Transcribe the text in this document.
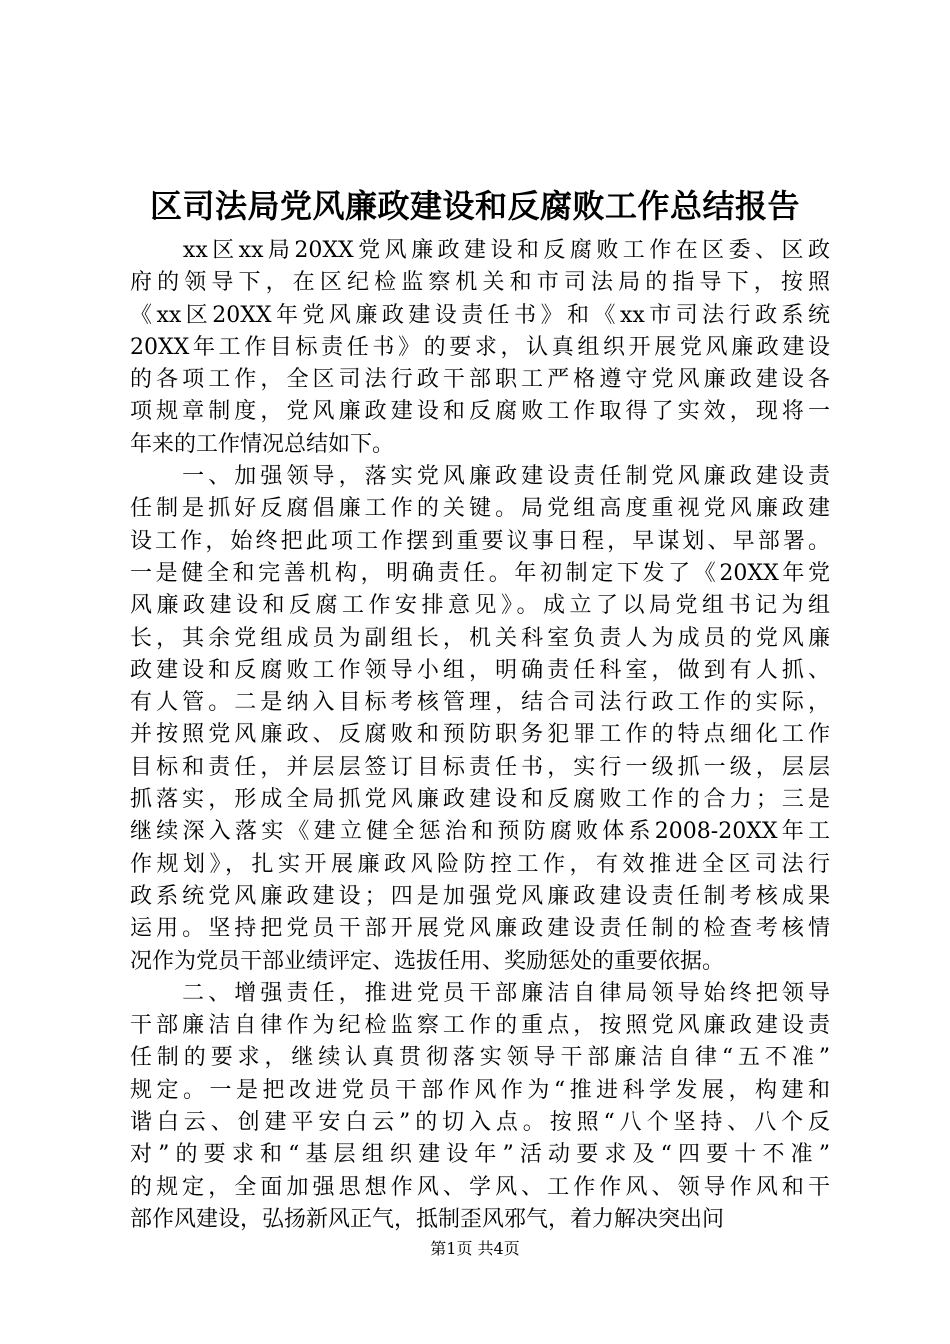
区司法局党风廉政建设和反腐败工作总结报告
　　xx区xx局20XX党风廉政建设和反腐败工作在区委、区政
府的领导下，在区纪检监察机关和市司法局的指导下，按照
《xx区20XX年党风廉政建设责任书》和《xx市司法行政系统
20XX年工作目标责任书》的要求，认真组织开展党风廉政建设
的各项工作，全区司法行政干部职工严格遵守党风廉政建设各
项规章制度，党风廉政建设和反腐败工作取得了实效，现将一
年来的工作情况总结如下。
　　一、加强领导，落实党风廉政建设责任制党风廉政建设责
任制是抓好反腐倡廉工作的关键。局党组高度重视党风廉政建
设工作，始终把此项工作摆到重要议事日程，早谋划、早部署。
一是健全和完善机构，明确责任。年初制定下发了《20XX年党
风廉政建设和反腐工作安排意见》。成立了以局党组书记为组
长，其余党组成员为副组长，机关科室负责人为成员的党风廉
政建设和反腐败工作领导小组，明确责任科室，做到有人抓、
有人管。二是纳入目标考核管理，结合司法行政工作的实际，
并按照党风廉政、反腐败和预防职务犯罪工作的特点细化工作
目标和责任，并层层签订目标责任书，实行一级抓一级，层层
抓落实，形成全局抓党风廉政建设和反腐败工作的合力；三是
继续深入落实《建立健全惩治和预防腐败体系2008-20XX年工
作规划》，扎实开展廉政风险防控工作，有效推进全区司法行
政系统党风廉政建设；四是加强党风廉政建设责任制考核成果
运用。坚持把党员干部开展党风廉政建设责任制的检查考核情
况作为党员干部业绩评定、选拔任用、奖励惩处的重要依据。
　　二、增强责任，推进党员干部廉洁自律局领导始终把领导
干部廉洁自律作为纪检监察工作的重点，按照党风廉政建设责
任制的要求，继续认真贯彻落实领导干部廉洁自律“五不准”
规定。一是把改进党员干部作风作为“推进科学发展，构建和
谐白云、创建平安白云”的切入点。按照“八个坚持、八个反
对”的要求和“基层组织建设年”活动要求及“四要十不准”
的规定，全面加强思想作风、学风、工作作风、领导作风和干
部作风建设，弘扬新风正气，抵制歪风邪气，着力解决突出问
第1页 共4页
